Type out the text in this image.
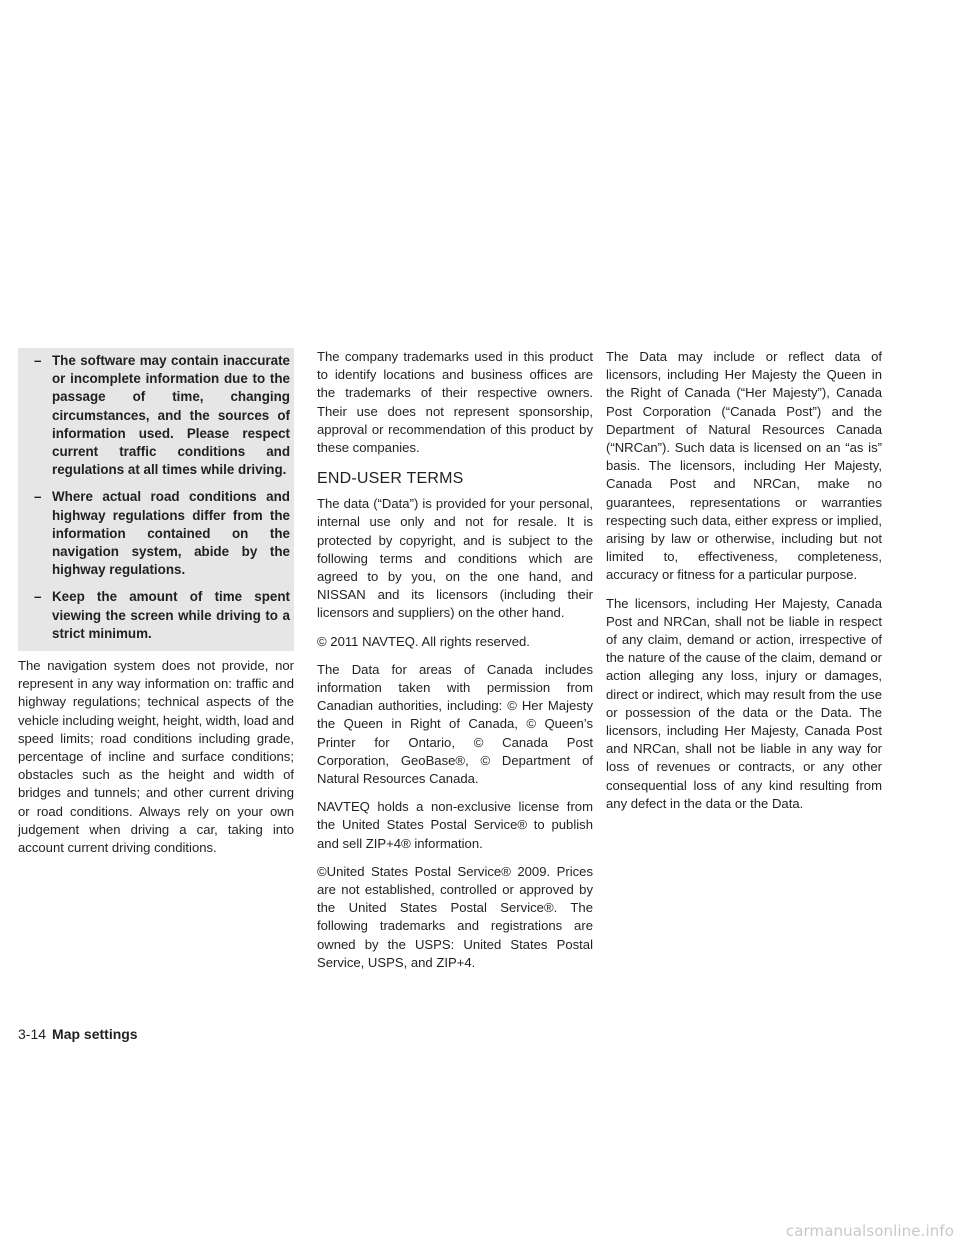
– The software may contain inaccurate or incomplete information due to the passage of time, changing circumstances, and the sources of information used. Please respect current traffic conditions and regulations at all times while driving.
– Where actual road conditions and highway regulations differ from the information contained on the navigation system, abide by the highway regulations.
– Keep the amount of time spent viewing the screen while driving to a strict minimum.

The navigation system does not provide, nor represent in any way information on: traffic and highway regulations; technical aspects of the vehicle including weight, height, width, load and speed limits; road conditions including grade, percentage of incline and surface conditions; obstacles such as the height and width of bridges and tunnels; and other current driving or road conditions. Always rely on your own judgement when driving a car, taking into account current driving conditions.

The company trademarks used in this product to identify locations and business offices are the trademarks of their respective owners. Their use does not represent sponsorship, approval or recommendation of this product by these companies.

END-USER TERMS

The data (“Data”) is provided for your personal, internal use only and not for resale. It is protected by copyright, and is subject to the following terms and conditions which are agreed to by you, on the one hand, and NISSAN and its licensors (including their licensors and suppliers) on the other hand.

© 2011 NAVTEQ. All rights reserved.

The Data for areas of Canada includes information taken with permission from Canadian authorities, including: © Her Majesty the Queen in Right of Canada, © Queen’s Printer for Ontario, © Canada Post Corporation, GeoBase®, © Department of Natural Resources Canada.

NAVTEQ holds a non-exclusive license from the United States Postal Service® to publish and sell ZIP+4® information.

©United States Postal Service® 2009. Prices are not established, controlled or approved by the United States Postal Service®. The following trademarks and registrations are owned by the USPS: United States Postal Service, USPS, and ZIP+4.

The Data may include or reflect data of licensors, including Her Majesty the Queen in the Right of Canada (“Her Majesty”), Canada Post Corporation (“Canada Post”) and the Department of Natural Resources Canada (“NRCan”). Such data is licensed on an “as is” basis. The licensors, including Her Majesty, Canada Post and NRCan, make no guarantees, representations or warranties respecting such data, either express or implied, arising by law or otherwise, including but not limited to, effectiveness, completeness, accuracy or fitness for a particular purpose.

The licensors, including Her Majesty, Canada Post and NRCan, shall not be liable in respect of any claim, demand or action, irrespective of the nature of the cause of the claim, demand or action alleging any loss, injury or damages, direct or indirect, which may result from the use or possession of the data or the Data. The licensors, including Her Majesty, Canada Post and NRCan, shall not be liable in any way for loss of revenues or contracts, or any other consequential loss of any kind resulting from any defect in the data or the Data.

3-14 Map settings
carmanualsonline.info
